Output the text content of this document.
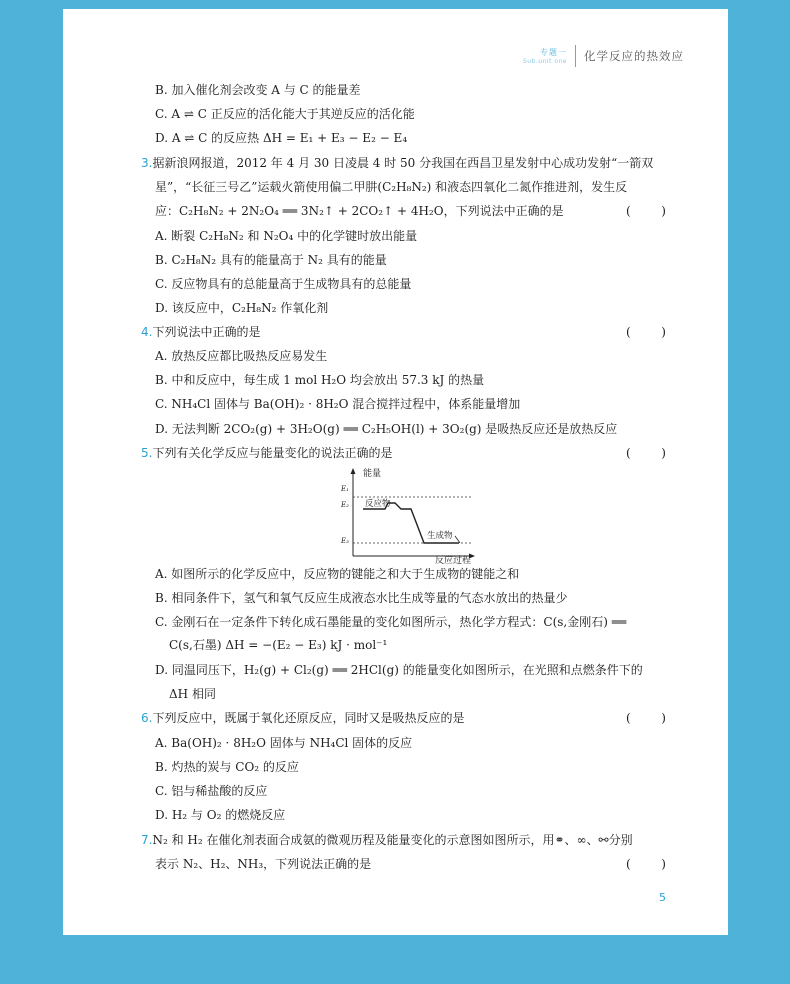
专题一
Sub.unit one 化学反应的热效应
B. 加入催化剂会改变 A 与 C 的能量差
C. A ⇌ C 正反应的活化能大于其逆反应的活化能
D. A ⇌ C 的反应热 ΔH = E₁ + E₃ − E₂ − E₄
3.据新浪网报道，2012 年 4 月 30 日凌晨 4 时 50 分我国在西昌卫星发射中心成功发射“一箭双
星”，“长征三号乙”运载火箭使用偏二甲肼(C₂H₈N₂) 和液态四氧化二氮作推进剂，发生反
应：C₂H₈N₂ + 2N₂O₄ ══ 3N₂↑ + 2CO₂↑ + 4H₂O，下列说法中正确的是	(        )
A. 断裂 C₂H₈N₂ 和 N₂O₄ 中的化学键时放出能量
B. C₂H₈N₂ 具有的能量高于 N₂ 具有的能量
C. 反应物具有的总能量高于生成物具有的总能量
D. 该反应中，C₂H₈N₂ 作氧化剂
4.下列说法中正确的是	(        )
A. 放热反应都比吸热反应易发生
B. 中和反应中，每生成 1 mol H₂O 均会放出 57.3 kJ 的热量
C. NH₄Cl 固体与 Ba(OH)₂ · 8H₂O 混合搅拌过程中，体系能量增加
D. 无法判断 2CO₂(g) + 3H₂O(g) ══ C₂H₅OH(l) + 3O₂(g) 是吸热反应还是放热反应
5.下列有关化学反应与能量变化的说法正确的是	(        )
能量
反应过程
E₁
E₂
E₃
反应物
生成物
A. 如图所示的化学反应中，反应物的键能之和大于生成物的键能之和
B. 相同条件下，氢气和氧气反应生成液态水比生成等量的气态水放出的热量少
C. 金刚石在一定条件下转化成石墨能量的变化如图所示，热化学方程式：C(s,金刚石) ══
C(s,石墨) ΔH = −(E₂ − E₃) kJ · mol⁻¹
D. 同温同压下，H₂(g) + Cl₂(g) ══ 2HCl(g) 的能量变化如图所示，在光照和点燃条件下的
ΔH 相同
6.下列反应中，既属于氧化还原反应，同时又是吸热反应的是	(        )
A. Ba(OH)₂ · 8H₂O 固体与 NH₄Cl 固体的反应
B. 灼热的炭与 CO₂ 的反应
C. 铝与稀盐酸的反应
D. H₂ 与 O₂ 的燃烧反应
7.N₂ 和 H₂ 在催化剂表面合成氨的微观历程及能量变化的示意图如图所示，用⚭、∞、⚯分别
表示 N₂、H₂、NH₃，下列说法正确的是	(        )
5
